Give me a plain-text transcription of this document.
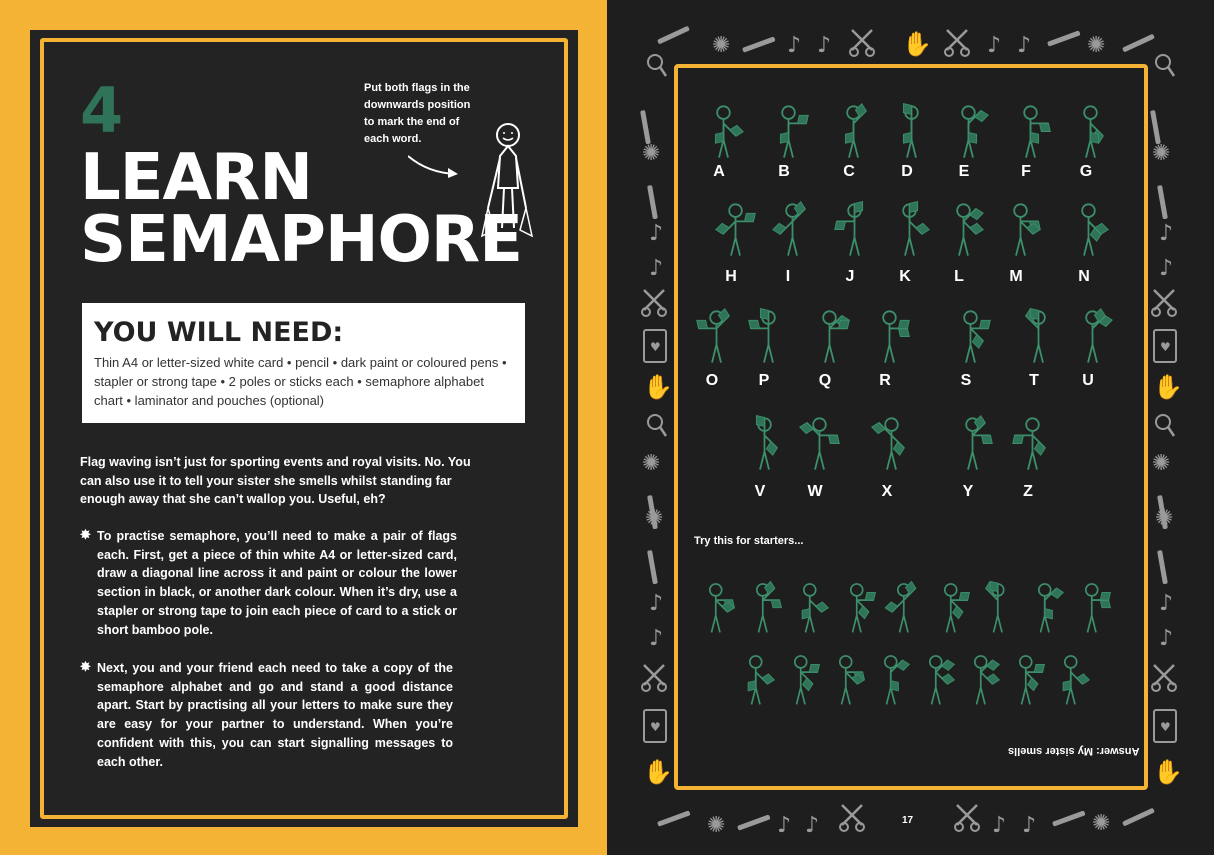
4
LEARN
SEMAPHORE
Put both flags in the downwards position to mark the end of each word.
YOU WILL NEED:
Thin A4 or letter-sized white card • pencil • dark paint or coloured pens • stapler or strong tape • 2 poles or sticks each • semaphore alphabet chart • laminator and pouches (optional)
Flag waving isn’t just for sporting events and royal visits. No. You can also use it to tell your sister she smells whilst standing far enough away that she can’t wallop you. Useful, eh?
✸ To practise semaphore, you’ll need to make a pair of flags each. First, get a piece of thin white A4 or letter-sized card, draw a diagonal line across it and paint or colour the lower section in black, or another dark colour. When it’s dry, use a stapler or strong tape to join each piece of card to a stick or short bamboo pole.
✸ Next, you and your friend each need to take a copy of the semaphore alphabet and go and stand a good distance apart. Start by practising all your letters to make sure they are easy for your partner to understand. When you’re confident with this, you can start signalling messages to each other.
✺	♪ ♪	✋	♪ ♪	✺
✺ ♪ ♪	♪ ♪	✺
✺
♪
♪
♥
✋
✺
✺
♪
♪
♥
✋
✺
♪
♪
♥
✋
✺
✺
♪
♪
♥
✋
A	B	C	D	E	F	G
H	I	J	K	L	M	N
O	P	Q	R	S	T	U
V	W	X	Y	Z
Try this for starters...
Answer: My sister smells
17
